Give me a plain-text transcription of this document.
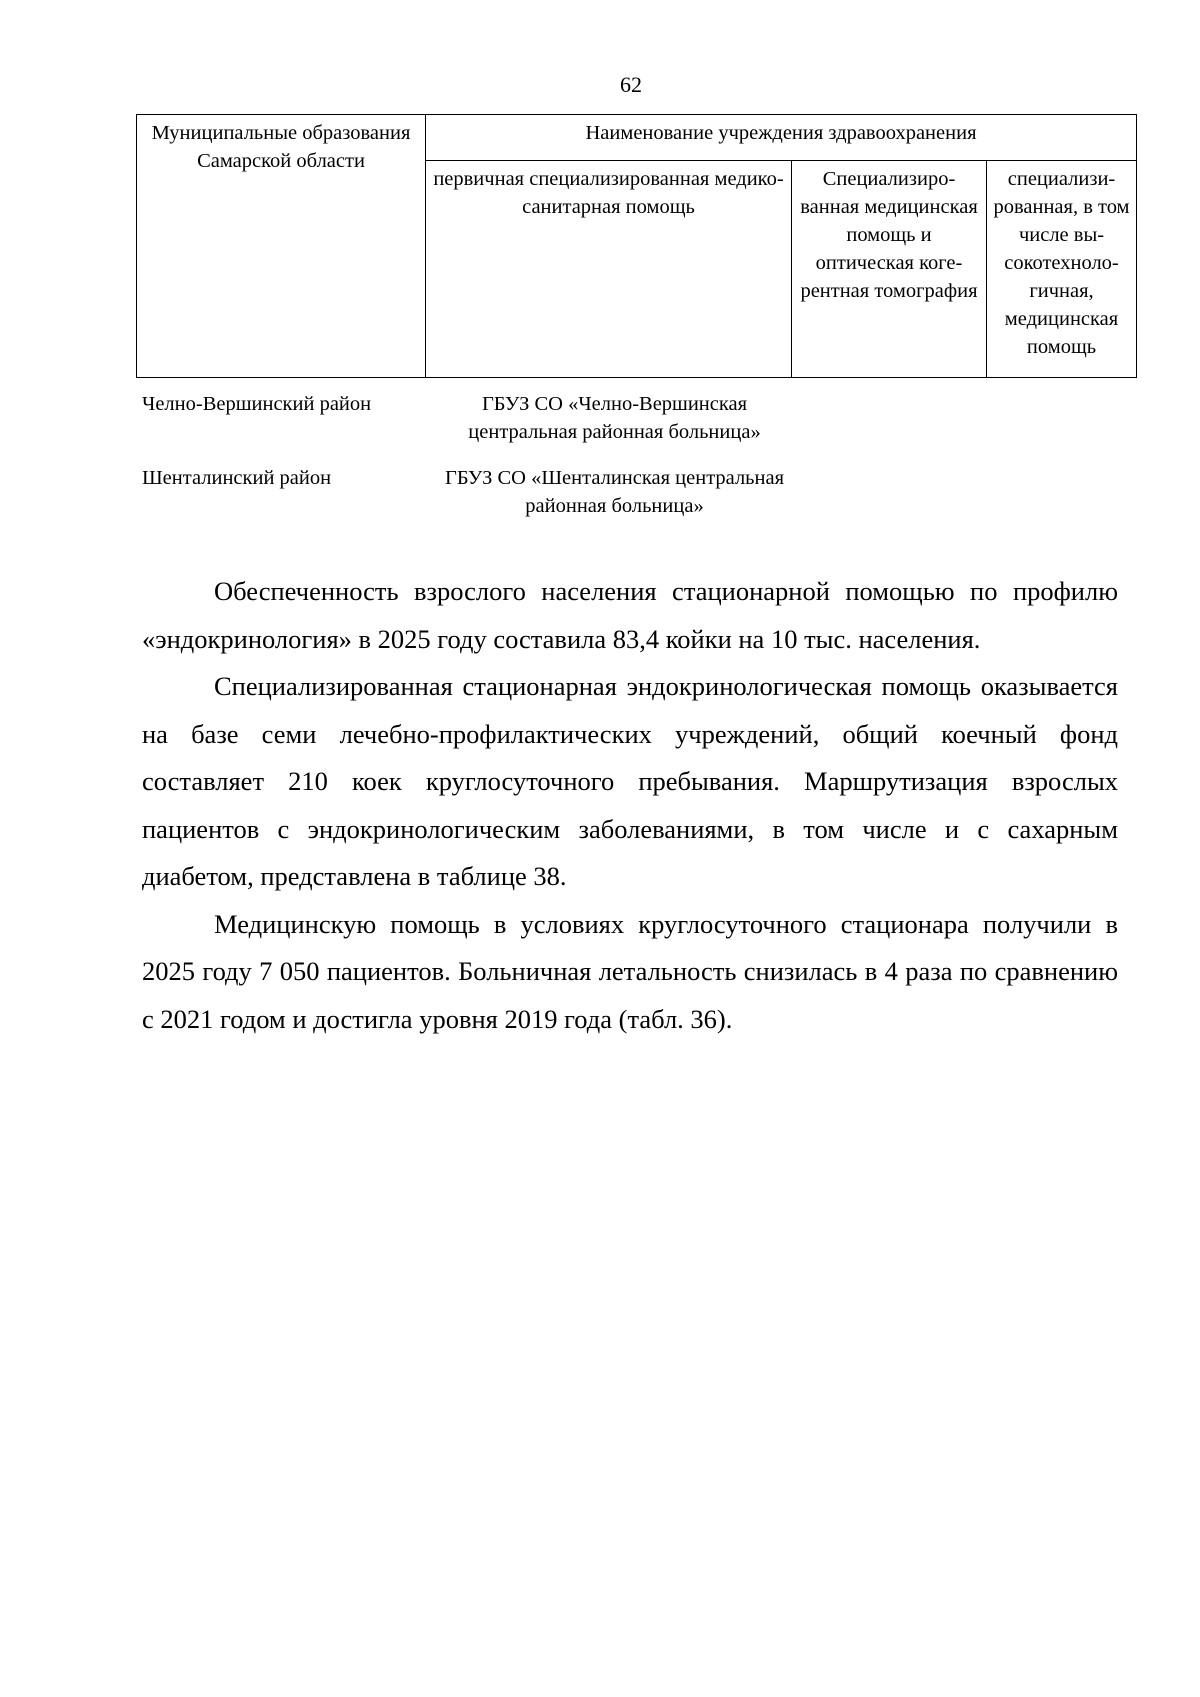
62
Муниципальные образования Самарской области	Наименование учреждения здравоохранения		
	первичная специализированная медико-санитарная помощь	Специализиро-ванная медицинская помощь и оптическая коге-рентная томография	специализи-рованная, в том числе вы-сокотехноло-гичная, медицинская помощь
Челно-Вершинский район	ГБУЗ СО «Челно-Вершинская центральная районная больница»
Шенталинский район	ГБУЗ СО «Шенталинская центральная районная больница»

Обеспеченность взрослого населения стационарной помощью по профилю «эндокринология» в 2025 году составила 83,4 койки на 10 тыс. населения.

Специализированная стационарная эндокринологическая помощь оказывается на базе семи лечебно-профилактических учреждений, общий коечный фонд составляет 210 коек круглосуточного пребывания. Маршрутизация взрослых пациентов с эндокринологическим заболеваниями, в том числе и с сахарным диабетом, представлена в таблице 38.

Медицинскую помощь в условиях круглосуточного стационара получили в 2025 году 7 050 пациентов. Больничная летальность снизилась в 4 раза по сравнению с 2021 годом и достигла уровня 2019 года (табл. 36).
